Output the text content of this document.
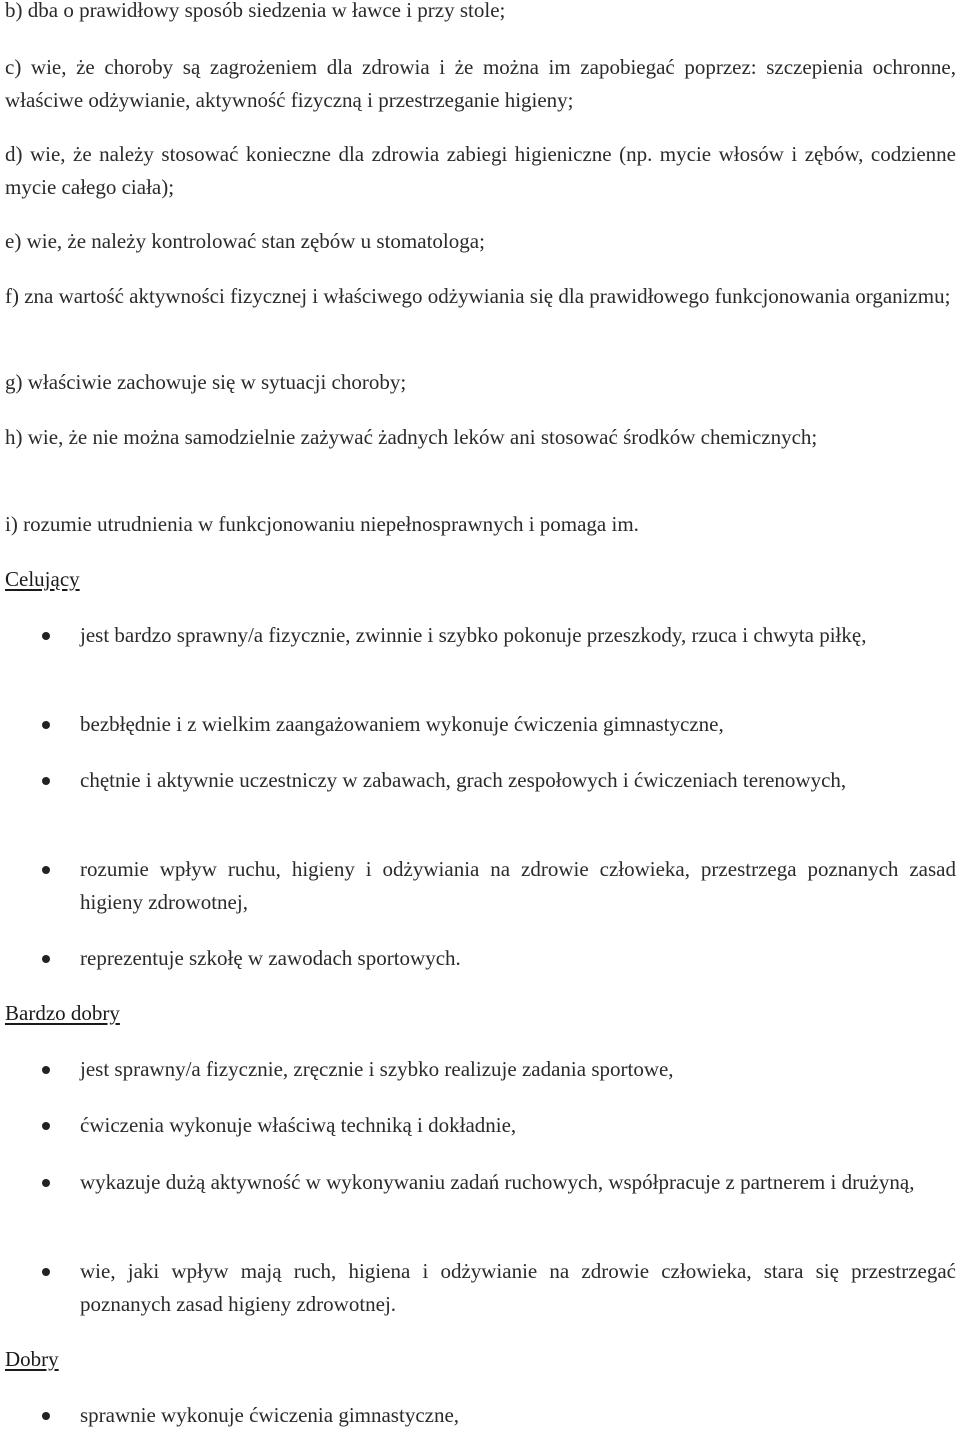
b) dba o prawidłowy sposób siedzenia w ławce i przy stole;

c) wie, że choroby są zagrożeniem dla zdrowia i że można im zapobiegać poprzez: szczepienia ochronne, właściwe odżywianie, aktywność fizyczną i przestrzeganie higieny;

d) wie, że należy stosować konieczne dla zdrowia zabiegi higieniczne (np. mycie włosów i zębów, codzienne mycie całego ciała);

e) wie, że należy kontrolować stan zębów u stomatologa;

f) zna wartość aktywności fizycznej i właściwego odżywiania się dla prawidłowego funkcjonowania organizmu;

g) właściwie zachowuje się w sytuacji choroby;

h) wie, że nie można samodzielnie zażywać żadnych leków ani stosować środków chemicznych;

i) rozumie utrudnienia w funkcjonowaniu niepełnosprawnych i pomaga im.

Celujący
jest bardzo sprawny/a fizycznie, zwinnie i szybko pokonuje przeszkody, rzuca i chwyta piłkę,
bezbłędnie i z wielkim zaangażowaniem wykonuje ćwiczenia gimnastyczne,
chętnie i aktywnie uczestniczy w zabawach, grach zespołowych i ćwiczeniach terenowych,
rozumie wpływ ruchu, higieny i odżywiania na zdrowie człowieka, przestrzega poznanych zasad higieny zdrowotnej,
reprezentuje szkołę w zawodach sportowych.
Bardzo dobry
jest sprawny/a fizycznie, zręcznie i szybko realizuje zadania sportowe,
ćwiczenia wykonuje właściwą techniką i dokładnie,
wykazuje dużą aktywność w wykonywaniu zadań ruchowych, współpracuje z partnerem i drużyną,
wie, jaki wpływ mają ruch, higiena i odżywianie na zdrowie człowieka, stara się przestrzegać poznanych zasad higieny zdrowotnej.
Dobry
sprawnie wykonuje ćwiczenia gimnastyczne,
